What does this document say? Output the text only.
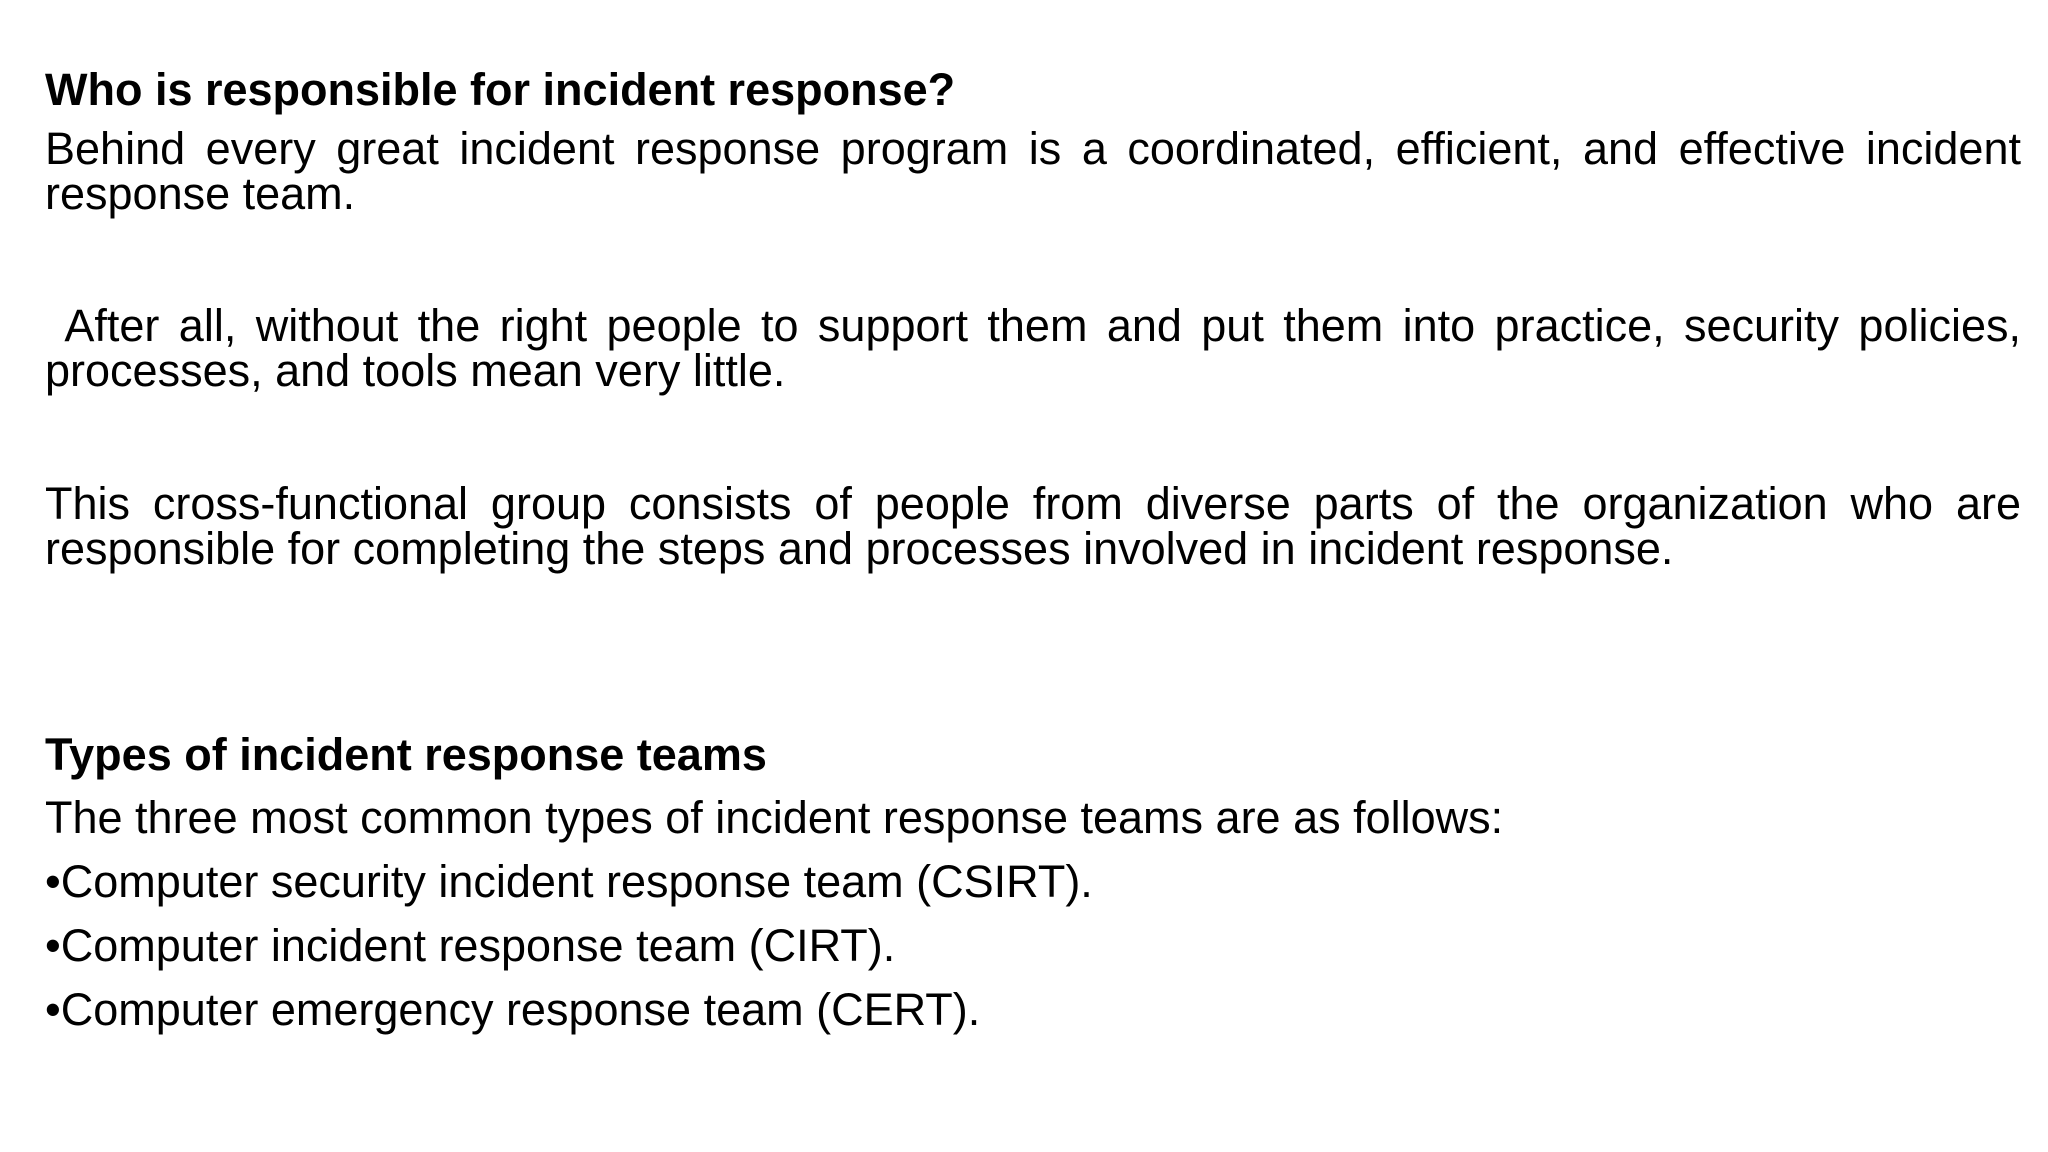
Who is responsible for incident response?

Behind every great incident response program is a coordinated, efficient, and effective incident response team.

After all, without the right people to support them and put them into practice, security policies, processes, and tools mean very little.

This cross-functional group consists of people from diverse parts of the organization who are responsible for completing the steps and processes involved in incident response.

Types of incident response teams

The three most common types of incident response teams are as follows:

•Computer security incident response team (CSIRT).

•Computer incident response team (CIRT).

•Computer emergency response team (CERT).
